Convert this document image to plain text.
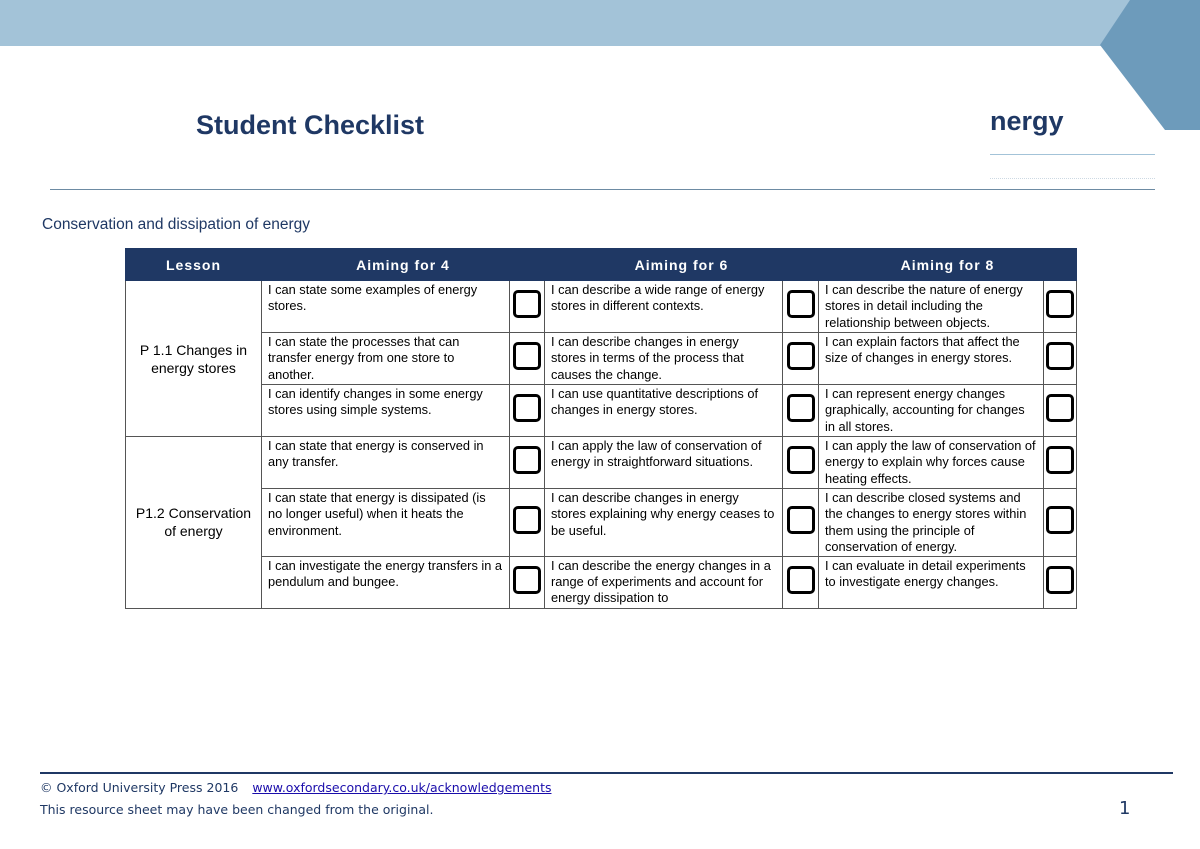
Student Checklist	nergy
Conservation and dissipation of energy
Lesson	Aiming for 4		Aiming for 6		Aiming for 8	
P 1.1 Changes in energy stores	I can state some examples of energy stores.		I can describe a wide range of energy stores in different contexts.		I can describe the nature of energy stores in detail including the relationship between objects.	
	I can state the processes that can transfer energy from one store to another.		I can describe changes in energy stores in terms of the process that causes the change.		I can explain factors that affect the size of changes in energy stores.	
	I can identify changes in some energy stores using simple systems.		I can use quantitative descriptions of changes in energy stores.		I can represent energy changes graphically, accounting for changes in all stores.	
P1.2 Conservation of energy	I can state that energy is conserved in any transfer.		I can apply the law of conservation of energy in straightforward situations.		I can apply the law of conservation of energy to explain why forces cause heating effects.	
	I can state that energy is dissipated (is no longer useful) when it heats the environment.		I can describe changes in energy stores explaining why energy ceases to be useful.		I can describe closed systems and the changes to energy stores within them using the principle of conservation of energy.	
	I can investigate the energy transfers in a pendulum and bungee.		I can describe the energy changes in a range of experiments and account for energy dissipation to		I can evaluate in detail experiments to investigate energy changes.	
© Oxford University Press 2016 www.oxfordsecondary.co.uk/acknowledgements
This resource sheet may have been changed from the original.	1
